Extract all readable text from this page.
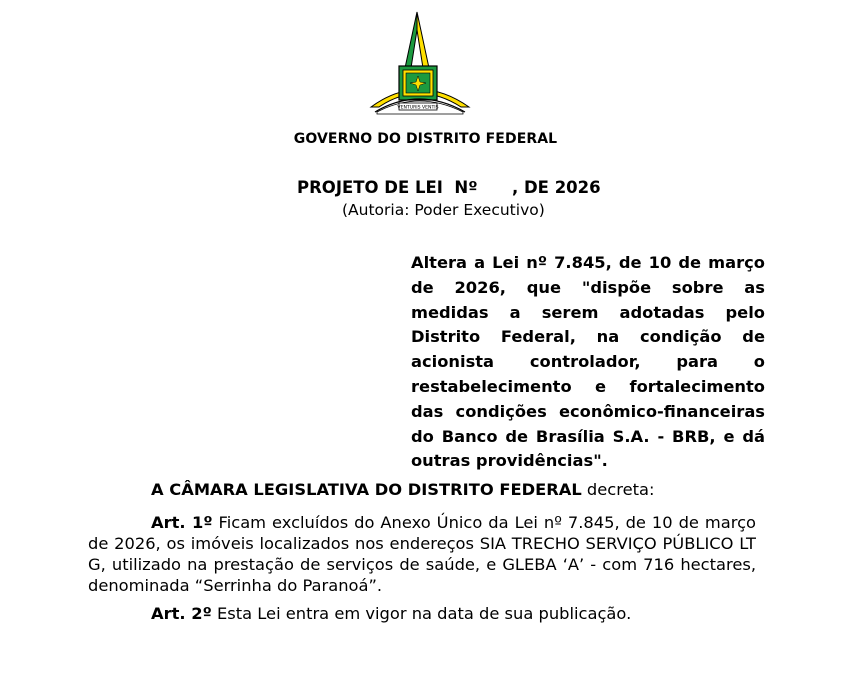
VENTURIS VENTIS
GOVERNO DO DISTRITO FEDERAL
PROJETO DE LEI  Nº      , DE 2026
(Autoria: Poder Executivo)
Altera a Lei nº 7.845, de 10 de março de 2026, que "dispõe sobre as medidas a serem adotadas pelo Distrito Federal, na condição de acionista controlador, para o restabelecimento e fortalecimento das condições econômico-financeiras do Banco de Brasília S.A. - BRB, e dá outras providências".
A CÂMARA LEGISLATIVA DO DISTRITO FEDERAL decreta:
Art. 1º Ficam excluídos do Anexo Único da Lei nº 7.845, de 10 de março de 2026, os imóveis localizados nos endereços SIA TRECHO SERVIÇO PÚBLICO LT G, utilizado na prestação de serviços de saúde, e GLEBA ‘A’ - com 716 hectares, denominada “Serrinha do Paranoá”.
Art. 2º Esta Lei entra em vigor na data de sua publicação.
